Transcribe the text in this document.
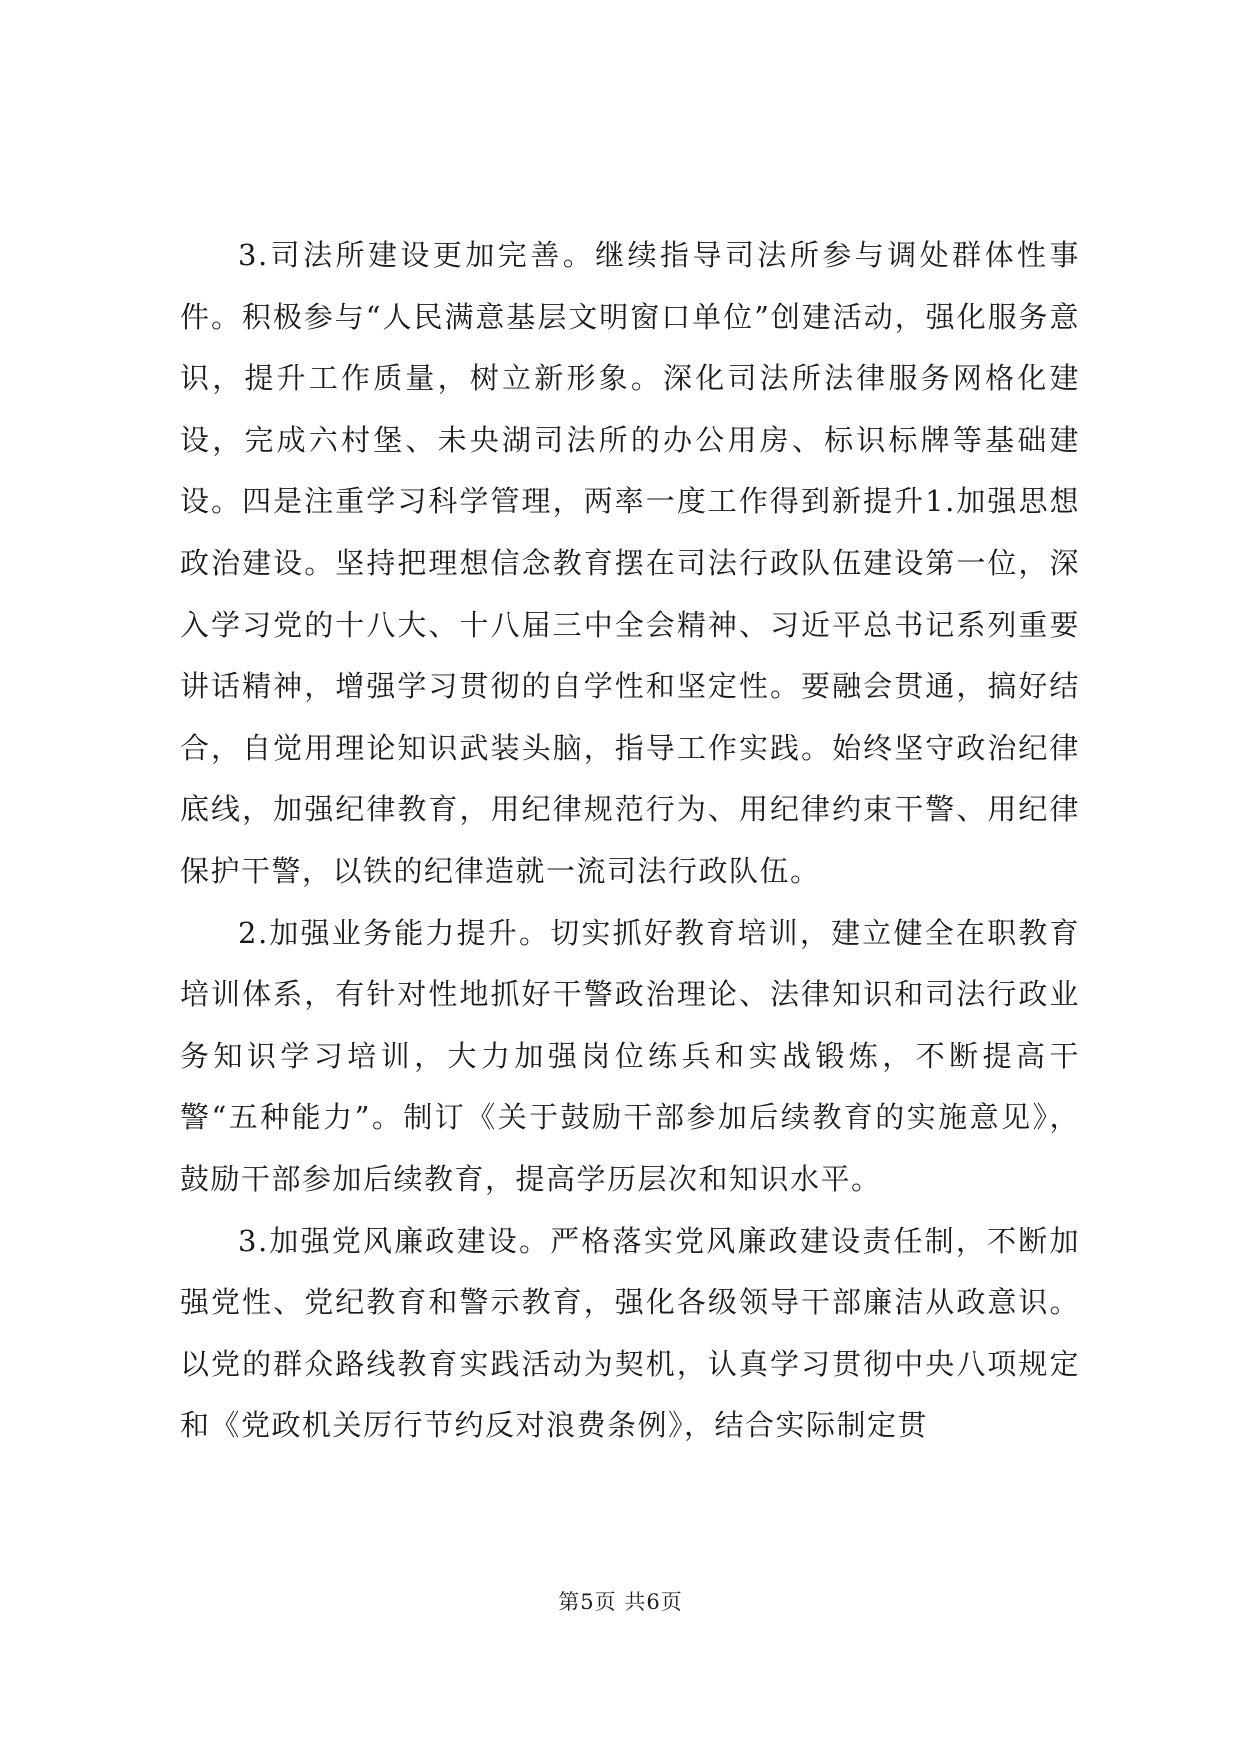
3.司法所建设更加完善。继续指导司法所参与调处群体性事件。积极参与“人民满意基层文明窗口单位”创建活动，强化服务意识，提升工作质量，树立新形象。深化司法所法律服务网格化建设，完成六村堡、未央湖司法所的办公用房、标识标牌等基础建设。四是注重学习科学管理，两率一度工作得到新提升1.加强思想政治建设。坚持把理想信念教育摆在司法行政队伍建设第一位，深入学习党的十八大、十八届三中全会精神、习近平总书记系列重要讲话精神，增强学习贯彻的自学性和坚定性。要融会贯通，搞好结合，自觉用理论知识武装头脑，指导工作实践。始终坚守政治纪律底线，加强纪律教育，用纪律规范行为、用纪律约束干警、用纪律保护干警，以铁的纪律造就一流司法行政队伍。

2.加强业务能力提升。切实抓好教育培训，建立健全在职教育培训体系，有针对性地抓好干警政治理论、法律知识和司法行政业务知识学习培训，大力加强岗位练兵和实战锻炼，不断提高干警“五种能力”。制订《关于鼓励干部参加后续教育的实施意见》，鼓励干部参加后续教育，提高学历层次和知识水平。

3.加强党风廉政建设。严格落实党风廉政建设责任制，不断加强党性、党纪教育和警示教育，强化各级领导干部廉洁从政意识。以党的群众路线教育实践活动为契机，认真学习贯彻中央八项规定和《党政机关厉行节约反对浪费条例》，结合实际制定贯

第5页 共6页
